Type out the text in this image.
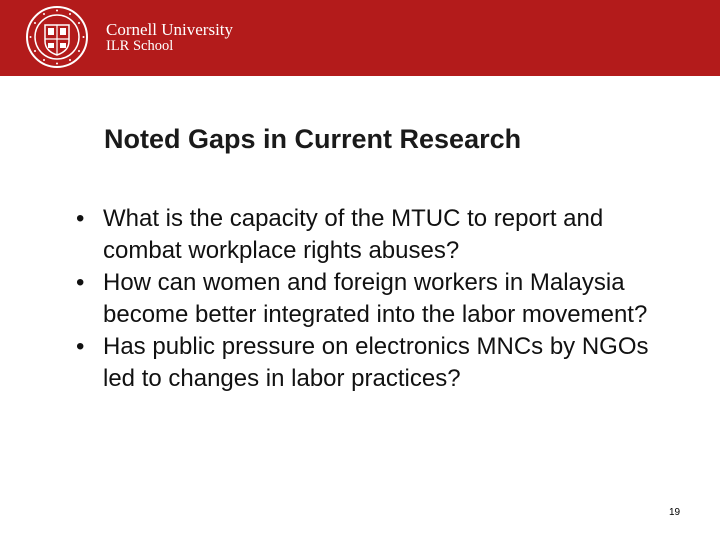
Cornell University
ILR School
Noted Gaps in Current Research
• What is the capacity of the MTUC to report and combat workplace rights abuses?
• How can women and foreign workers in Malaysia become better integrated into the labor movement?
• Has public pressure on electronics MNCs by NGOs led to changes in labor practices?
19
